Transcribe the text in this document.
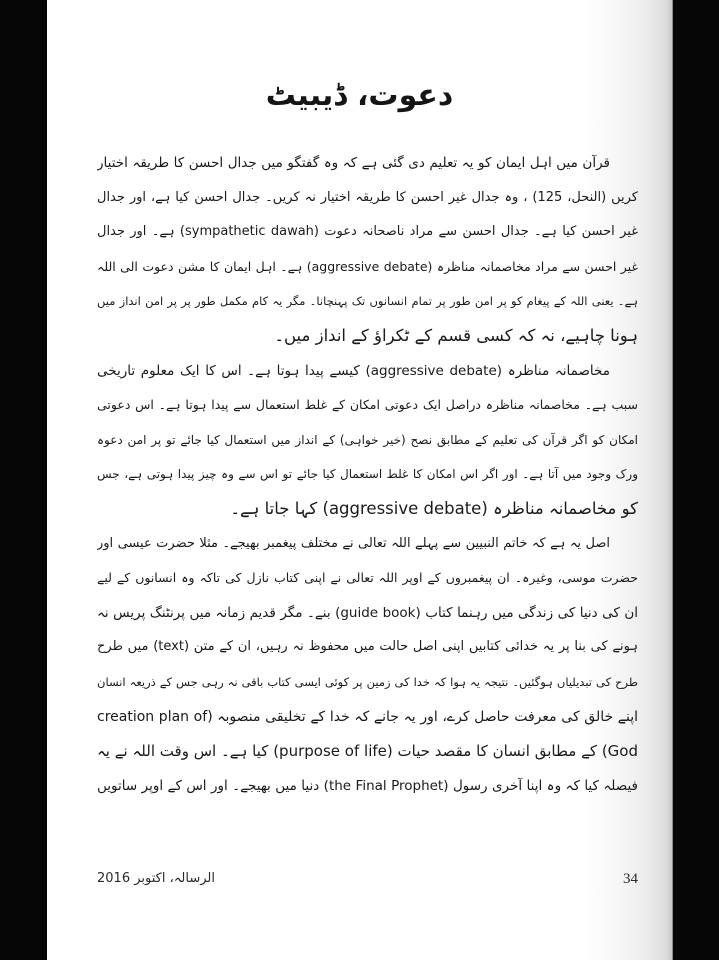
دعوت، ڈیبیٹ
قرآن میں اہل ایمان کو یہ تعلیم دی گئی ہے کہ وہ گفتگو میں جدال احسن کا طریقہ اختیار
کریں (النحل، 125) ، وہ جدال غیر احسن کا طریقہ اختیار نہ کریں۔ جدال احسن کیا ہے، اور جدال
غیر احسن کیا ہے۔ جدال احسن سے مراد ناصحانہ دعوت (sympathetic dawah) ہے۔ اور جدال
غیر احسن سے مراد مخاصمانہ مناظرہ (aggressive debate) ہے۔ اہل ایمان کا مشن دعوت الی اللہ
ہے۔ یعنی اللہ کے پیغام کو پر امن طور پر تمام انسانوں تک پہنچانا۔ مگر یہ کام مکمل طور پر پر امن انداز میں
ہونا چاہیے، نہ کہ کسی قسم کے ٹکراؤ کے انداز میں۔
مخاصمانہ مناظرہ (aggressive debate) کیسے پیدا ہوتا ہے۔ اس کا ایک معلوم تاریخی
سبب ہے۔ مخاصمانہ مناظرہ دراصل ایک دعوتی امکان کے غلط استعمال سے پیدا ہوتا ہے۔ اس دعوتی
امکان کو اگر قرآن کی تعلیم کے مطابق نصح (خیر خواہی) کے انداز میں استعمال کیا جائے تو پر امن دعوہ
ورک وجود میں آتا ہے۔ اور اگر اس امکان کا غلط استعمال کیا جائے تو اس سے وہ چیز پیدا ہوتی ہے، جس
کو مخاصمانہ مناظرہ (aggressive debate) کہا جاتا ہے۔
اصل یہ ہے کہ خاتم النبیین سے پہلے اللہ تعالی نے مختلف پیغمبر بھیجے۔ مثلا حضرت عیسی اور
حضرت موسی، وغیرہ۔ ان پیغمبروں کے اوپر اللہ تعالی نے اپنی کتاب نازل کی تاکہ وہ انسانوں کے لیے
ان کی دنیا کی زندگی میں رہنما کتاب (guide book) بنے۔ مگر قدیم زمانہ میں پرنٹنگ پریس نہ
ہونے کی بنا پر یہ خدائی کتابیں اپنی اصل حالت میں محفوظ نہ رہیں، ان کے متن (text) میں طرح
طرح کی تبدیلیاں ہوگئیں۔ نتیجہ یہ ہوا کہ خدا کی زمین پر کوئی ایسی کتاب باقی نہ رہی جس کے ذریعہ انسان
اپنے خالق کی معرفت حاصل کرے، اور یہ جانے کہ خدا کے تخلیقی منصوبہ (creation plan of
God) کے مطابق انسان کا مقصد حیات (purpose of life) کیا ہے۔ اس وقت اللہ نے یہ
فیصلہ کیا کہ وہ اپنا آخری رسول (the Final Prophet) دنیا میں بھیجے۔ اور اس کے اوپر ساتویں
الرسالہ، اکتوبر 2016	34
